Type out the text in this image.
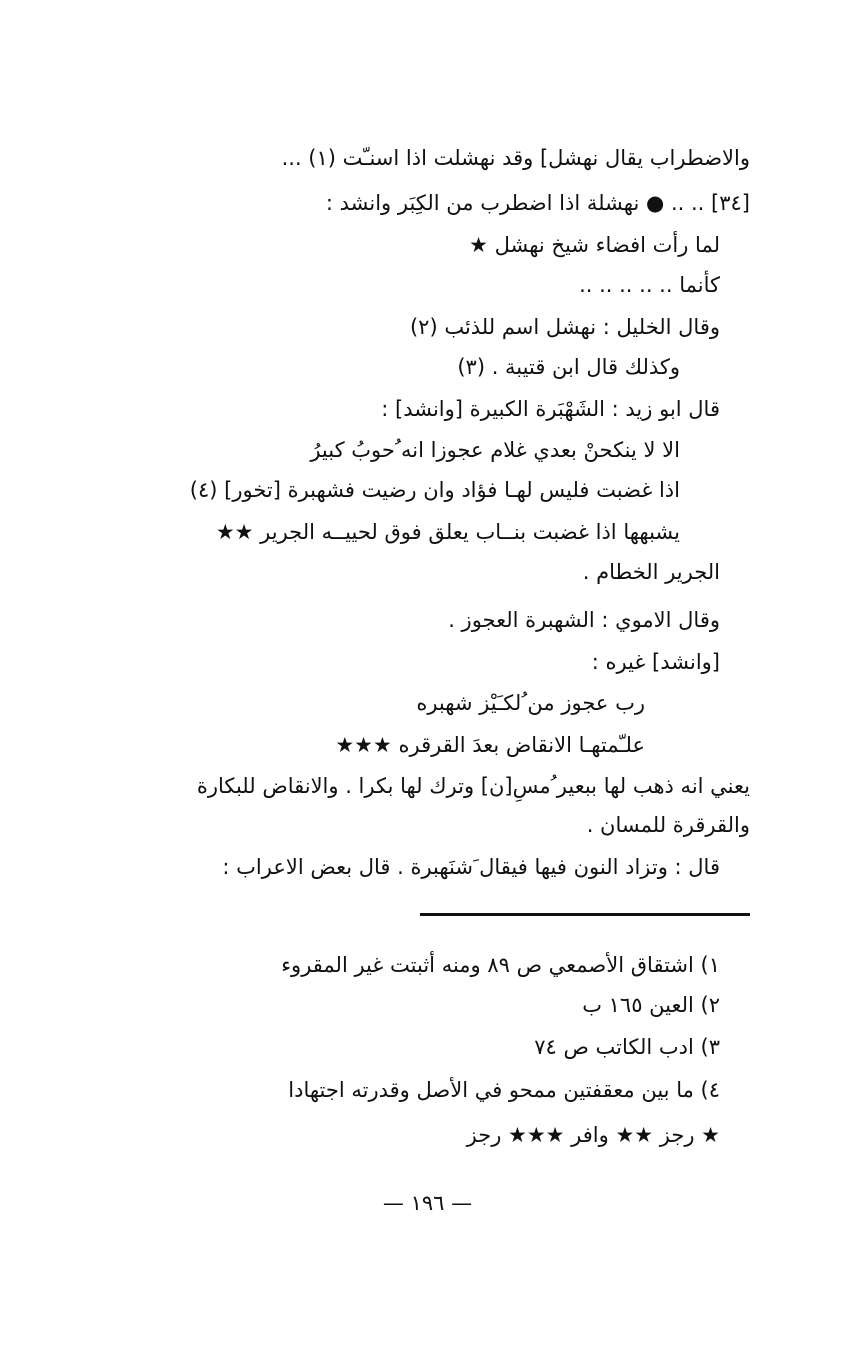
والاضطراب يقال نهشل] وقد نهشلت اذا اسنـّت (١) ...
[٣٤] .. .. ● نهشلة اذا اضطرب من الكِبَر وانشد :
لما رأت افضاء شيخ نهشل ★
كأنما .. .. .. .. ..
وقال الخليل : نهشل اسم للذئب (٢)
وكذلك قال ابن قتيبة . (٣)
قال ابو زيد : الشَهْبَرة الكبيرة [وانشد] :
الا لا ينكحنْ بعدي غلام عجوزا انه ُحوبُ كبيرُ
اذا غضبت فليس لهـا فؤاد وان رضيت فشهبرة [تخور] (٤)
يشبهها اذا غضبت بنــاب يعلق فوق لحييــه الجرير ★★
الجرير الخطام .
وقال الاموي : الشهبرة العجوز .
[وانشد] غيره :
رب عجوز من ُلكـَيْز شهبره
علـّمتهـا الانقاض بعدَ القرقره ★★★
يعني انه ذهب لها ببعير ُمسِ[ن] وترك لها بكرا . والانقاض للبكارة
والقرقرة للمسان .
قال : وتزاد النون فيها فيقال َشنَهبرة . قال بعض الاعراب :
١) اشتقاق الأصمعي ص ٨٩ ومنه أثبتت غير المقروء
٢) العين ١٦٥ ب
٣) ادب الكاتب ص ٧٤
٤) ما بين معقفتين ممحو في الأصل وقدرته اجتهادا
★ رجز ★★ وافر ★★★ رجز
— ١٩٦ —
